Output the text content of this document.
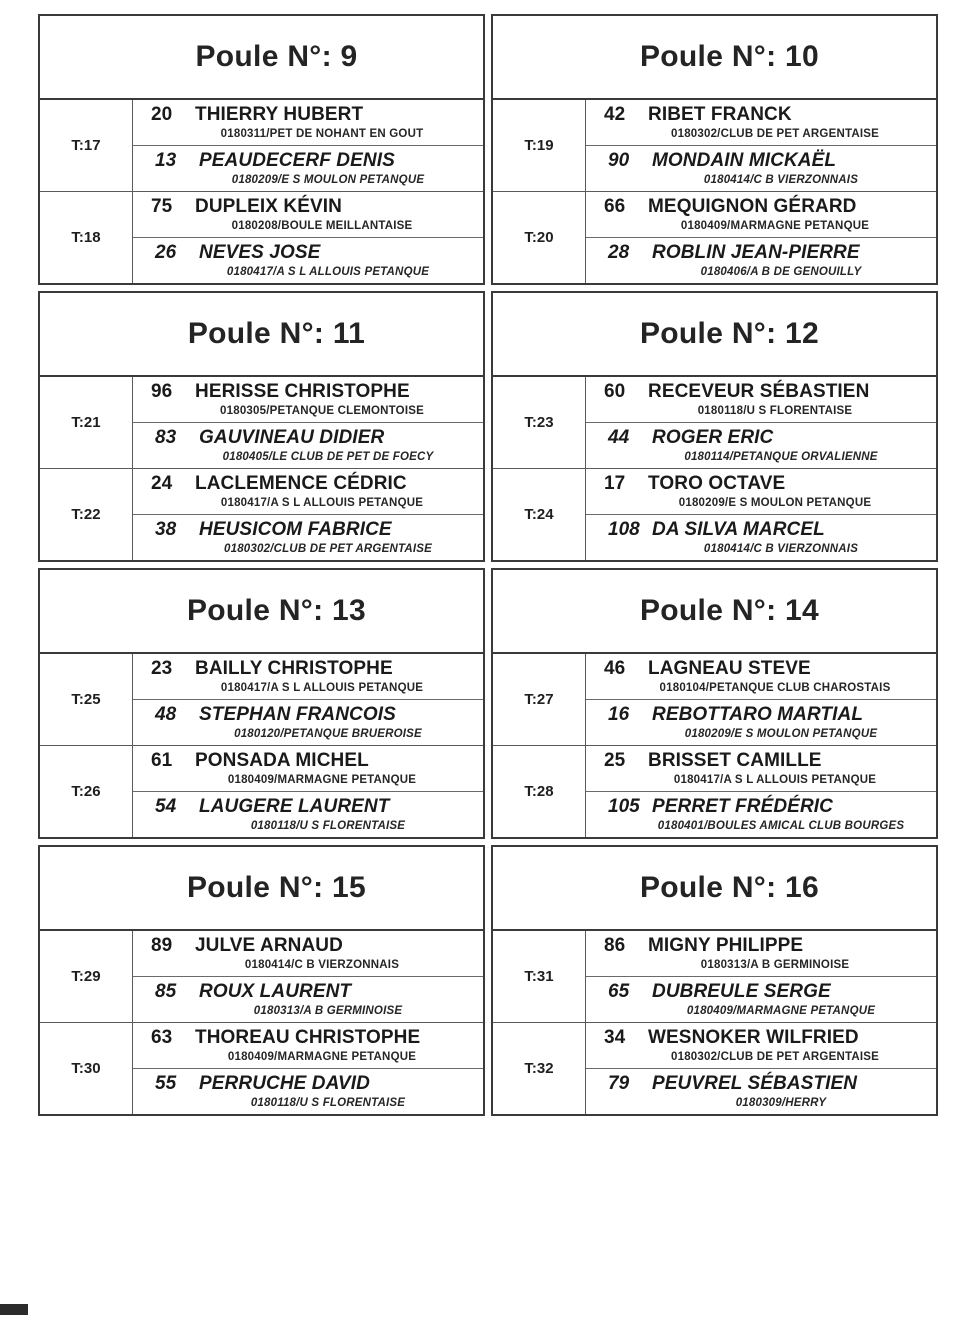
Poule N°: 9
T:17
20	THIERRY HUBERT
0180311/PET DE NOHANT EN GOUT
13	PEAUDECERF DENIS
0180209/E S MOULON PETANQUE
T:18
75	DUPLEIX KÉVIN
0180208/BOULE MEILLANTAISE
26	NEVES JOSE
0180417/A S L ALLOUIS PETANQUE
Poule N°: 10
T:19
42	RIBET FRANCK
0180302/CLUB DE PET ARGENTAISE
90	MONDAIN MICKAËL
0180414/C B VIERZONNAIS
T:20
66	MEQUIGNON GÉRARD
0180409/MARMAGNE PETANQUE
28	ROBLIN JEAN-PIERRE
0180406/A B DE GENOUILLY
Poule N°: 11
T:21
96	HERISSE CHRISTOPHE
0180305/PETANQUE CLEMONTOISE
83	GAUVINEAU DIDIER
0180405/LE CLUB DE PET DE FOECY
T:22
24	LACLEMENCE CÉDRIC
0180417/A S L ALLOUIS PETANQUE
38	HEUSICOM FABRICE
0180302/CLUB DE PET ARGENTAISE
Poule N°: 12
T:23
60	RECEVEUR SÉBASTIEN
0180118/U S FLORENTAISE
44	ROGER ERIC
0180114/PETANQUE ORVALIENNE
T:24
17	TORO OCTAVE
0180209/E S MOULON PETANQUE
108 DA SILVA MARCEL
0180414/C B VIERZONNAIS
Poule N°: 13
T:25
23	BAILLY CHRISTOPHE
0180417/A S L ALLOUIS PETANQUE
48	STEPHAN FRANCOIS
0180120/PETANQUE BRUEROISE
T:26
61	PONSADA MICHEL
0180409/MARMAGNE PETANQUE
54	LAUGERE LAURENT
0180118/U S FLORENTAISE
Poule N°: 14
T:27
46	LAGNEAU STEVE
0180104/PETANQUE CLUB CHAROSTAIS
16	REBOTTARO MARTIAL
0180209/E S MOULON PETANQUE
T:28
25	BRISSET CAMILLE
0180417/A S L ALLOUIS PETANQUE
105 PERRET FRÉDÉRIC
0180401/BOULES AMICAL CLUB BOURGES
Poule N°: 15
T:29
89	JULVE ARNAUD
0180414/C B VIERZONNAIS
85	ROUX LAURENT
0180313/A B GERMINOISE
T:30
63	THOREAU CHRISTOPHE
0180409/MARMAGNE PETANQUE
55	PERRUCHE DAVID
0180118/U S FLORENTAISE
Poule N°: 16
T:31
86	MIGNY PHILIPPE
0180313/A B GERMINOISE
65	DUBREULE SERGE
0180409/MARMAGNE PETANQUE
T:32
34	WESNOKER WILFRIED
0180302/CLUB DE PET ARGENTAISE
79	PEUVREL SÉBASTIEN
0180309/HERRY
